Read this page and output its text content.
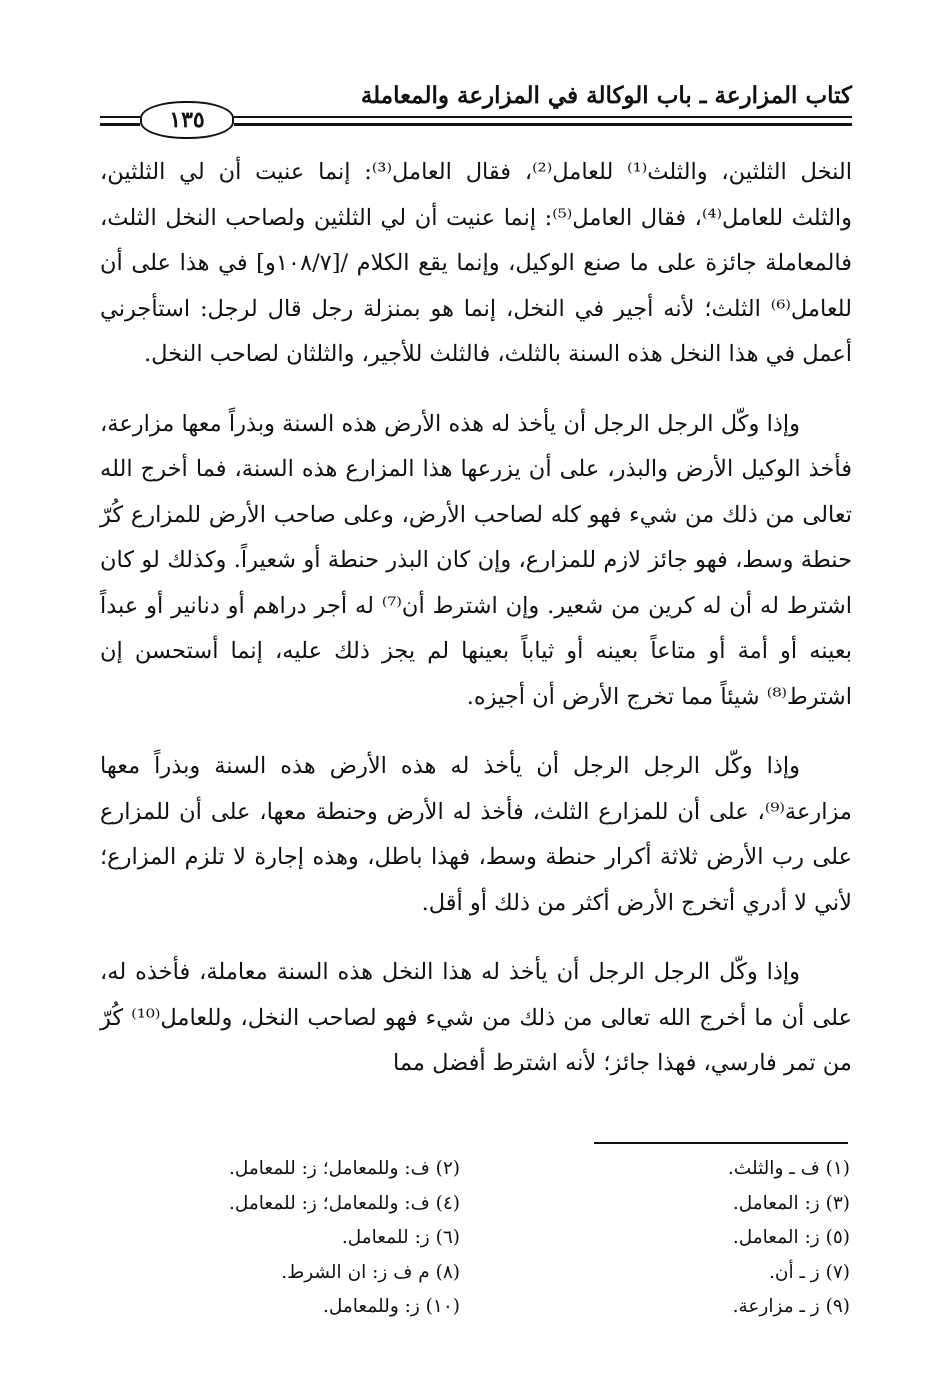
كتاب المزارعة ـ باب الوكالة في المزارعة والمعاملة
١٣٥

النخل الثلثين، والثلث⁽¹⁾ للعامل⁽²⁾، فقال العامل⁽³⁾: إنما عنيت أن لي الثلثين، والثلث للعامل⁽⁴⁾، فقال العامل⁽⁵⁾: إنما عنيت أن لي الثلثين ولصاحب النخل الثلث، فالمعاملة جائزة على ما صنع الوكيل، وإنما يقع الكلام /[١٠٨/٧و] في هذا على أن للعامل⁽⁶⁾ الثلث؛ لأنه أجير في النخل، إنما هو بمنزلة رجل قال لرجل: استأجرني أعمل في هذا النخل هذه السنة بالثلث، فالثلث للأجير، والثلثان لصاحب النخل.

وإذا وكّل الرجل الرجل أن يأخذ له هذه الأرض هذه السنة وبذراً معها مزارعة، فأخذ الوكيل الأرض والبذر، على أن يزرعها هذا المزارع هذه السنة، فما أخرج الله تعالى من ذلك من شيء فهو كله لصاحب الأرض، وعلى صاحب الأرض للمزارع كُرّ حنطة وسط، فهو جائز لازم للمزارع، وإن كان البذر حنطة أو شعيراً. وكذلك لو كان اشترط له أن له كرين من شعير. وإن اشترط أن⁽⁷⁾ له أجر دراهم أو دنانير أو عبداً بعينه أو أمة أو متاعاً بعينه أو ثياباً بعينها لم يجز ذلك عليه، إنما أستحسن إن اشترط⁽⁸⁾ شيئاً مما تخرج الأرض أن أجيزه.

وإذا وكّل الرجل الرجل أن يأخذ له هذه الأرض هذه السنة وبذراً معها مزارعة⁽⁹⁾، على أن للمزارع الثلث، فأخذ له الأرض وحنطة معها، على أن للمزارع على رب الأرض ثلاثة أكرار حنطة وسط، فهذا باطل، وهذه إجارة لا تلزم المزارع؛ لأني لا أدري أتخرج الأرض أكثر من ذلك أو أقل.

وإذا وكّل الرجل الرجل أن يأخذ له هذا النخل هذه السنة معاملة، فأخذه له، على أن ما أخرج الله تعالى من ذلك من شيء فهو لصاحب النخل، وللعامل⁽¹⁰⁾ كُرّ من تمر فارسي، فهذا جائز؛ لأنه اشترط أفضل مما

(١) ف ـ والثلث.
(٣) ز: المعامل.
(٥) ز: المعامل.
(٧) ز ـ أن.
(٩) ز ـ مزارعة.
(٢) ف: وللمعامل؛ ز: للمعامل.
(٤) ف: وللمعامل؛ ز: للمعامل.
(٦) ز: للمعامل.
(٨) م ف ز: ان الشرط.
(١٠) ز: وللمعامل.
